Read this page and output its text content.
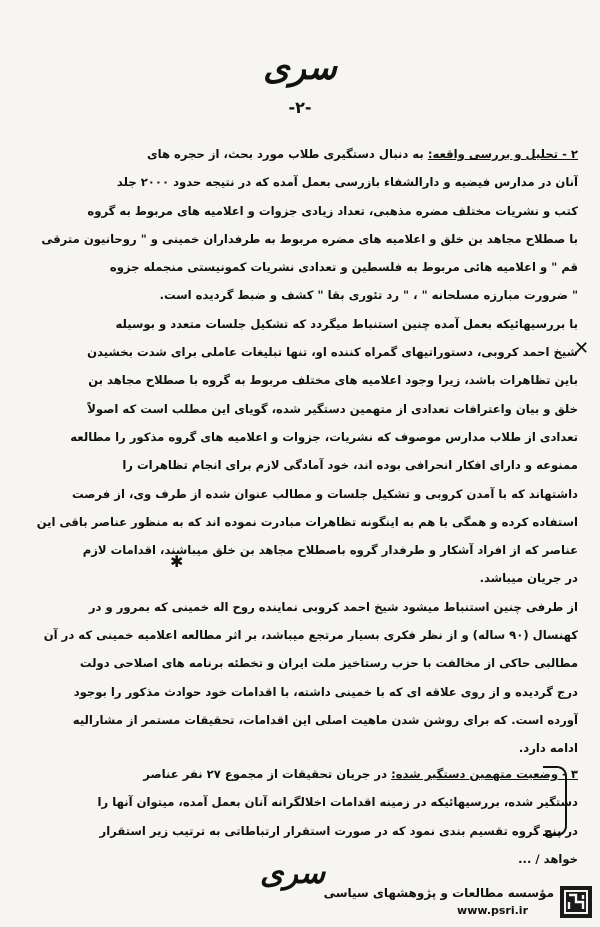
سری
-۲-
۲ - تحلیل و بررسی واقعه: به دنبال دستگیری طلاب مورد بحث، از حجره های
آنان در مدارس فیضیه و دارالشفاء بازرسی بعمل آمده که در نتیجه حدود ۲۰۰۰ جلد
کتب و نشریات مختلف مضره مذهبی، تعداد زیادی جزوات و اعلامیه های مربوط به گروه
با صطلاح مجاهد بن خلق و اعلامیه های مضره مربوط به طرفداران خمینی و " روحانیون مترقی
قم " و اعلامیه هائی مربوط به فلسطین و تعدادی نشریات کمونیستی منجمله جزوه
" ضرورت مبارزه مسلحانه " ، " رد تئوری بقا " کشف و ضبط گردیده است.
با بررسیهائیکه بعمل آمده چنین استنباط میگردد که تشکیل جلسات متعدد و بوسیله
شیخ احمد کروبی، دستوراتیهای گمراه کننده او، تنها تبلیغات عاملی برای شدت بخشیدن
باین تظاهرات باشد، زیرا وجود اعلامیه های مختلف مربوط به گروه با صطلاح مجاهد بن
خلق و بیان واعترافات تعدادی از متهمین دستگیر شده، گویای این مطلب است که اصولاً
تعدادی از طلاب مدارس موصوف که نشریات، جزوات و اعلامیه های گروه مذکور را مطالعه
ممنوعه و دارای افکار انحرافی بوده اند، خود آمادگی لازم برای انجام تظاهرات را
داشتهاند که با آمدن کروبی و تشکیل جلسات و مطالب عنوان شده از طرف وی، از فرصت
استفاده کرده و همگی با هم به اینگونه تظاهرات مبادرت نموده اند که به منظور عناصر باقی این
عناصر که از افراد آشکار و طرفدار گروه باصطلاح مجاهد بن خلق میباشند، اقدامات لازم
در جریان میباشد.
از طرفی چنین استنباط میشود شیخ احمد کروبی نماینده روح اله خمینی که بمرور و در
کهنسال (۹۰ ساله) و از نظر فکری بسیار مرتجع میباشد، بر اثر مطالعه اعلامیه خمینی که در آن
مطالبی حاکی از مخالفت با حزب رستاخیز ملت ایران و تخطئه برنامه های اصلاحی دولت
درج گردیده و از روی علاقه ای که با خمینی داشته، با اقدامات خود حوادث مذکور را بوجود
آورده است. که برای روشن شدن ماهیت اصلی این اقدامات، تحقیقات مستمر از مشارالیه
ادامه دارد.
۳ - وضعیت متهمین دستگیر شده: در جریان تحقیقات از مجموع ۲۷ نفر عناصر
دستگیر شده، بررسیهائیکه در زمینه اقدامات اخلالگرانه آنان بعمل آمده، میتوان آنها را
در پنج گروه تقسیم بندی نمود که در صورت استقرار ارتباطاتی به ترتیب زیر استقرار
خواهد / ...
✕
✱
سری
مؤسسه مطالعات و پژوهشهای سیاسی
www.psri.ir
